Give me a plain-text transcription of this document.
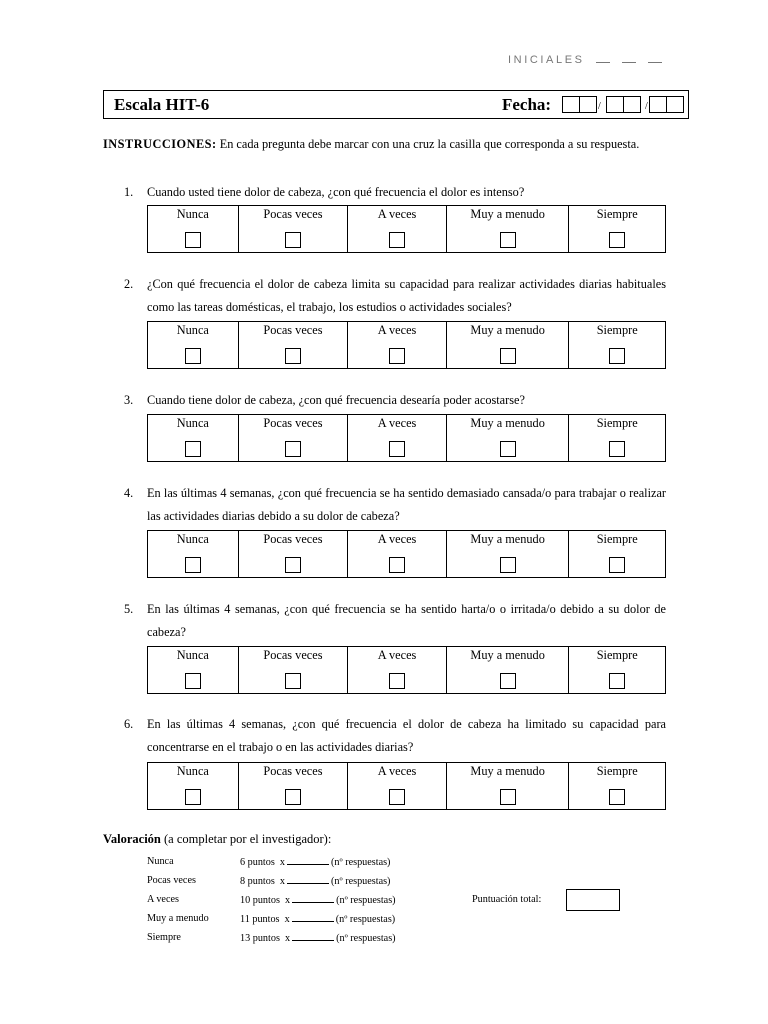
INICIALES
Escala HIT-6	Fecha:	/	/
INSTRUCCIONES: En cada pregunta debe marcar con una cruz la casilla que corresponda a su respuesta.
1. Cuando usted tiene dolor de cabeza, ¿con qué frecuencia el dolor es intenso?
Nunca	Pocas veces	A veces	Muy a menudo	Siempre
2. ¿Con qué frecuencia el dolor de cabeza limita su capacidad para realizar actividades diarias habituales como las tareas domésticas, el trabajo, los estudios o actividades sociales?
Nunca	Pocas veces	A veces	Muy a menudo	Siempre
3. Cuando tiene dolor de cabeza, ¿con qué frecuencia desearía poder acostarse?
Nunca	Pocas veces	A veces	Muy a menudo	Siempre
4. En las últimas 4 semanas, ¿con qué frecuencia se ha sentido demasiado cansada/o para trabajar o realizar las actividades diarias debido a su dolor de cabeza?
Nunca	Pocas veces	A veces	Muy a menudo	Siempre
5. En las últimas 4 semanas, ¿con qué frecuencia se ha sentido harta/o o irritada/o debido a su dolor de cabeza?
Nunca	Pocas veces	A veces	Muy a menudo	Siempre
6. En las últimas 4 semanas, ¿con qué frecuencia el dolor de cabeza ha limitado su capacidad para concentrarse en el trabajo o en las actividades diarias?
Nunca	Pocas veces	A veces	Muy a menudo	Siempre
Valoración (a completar por el investigador):
Nunca	6 puntos x	(nº respuestas)
Pocas veces	8 puntos x	(nº respuestas)
A veces	10 puntos x	(nº respuestas)
Muy a menudo	11 puntos x	(nº respuestas)
Siempre	13 puntos x	(nº respuestas)
Puntuación total:
